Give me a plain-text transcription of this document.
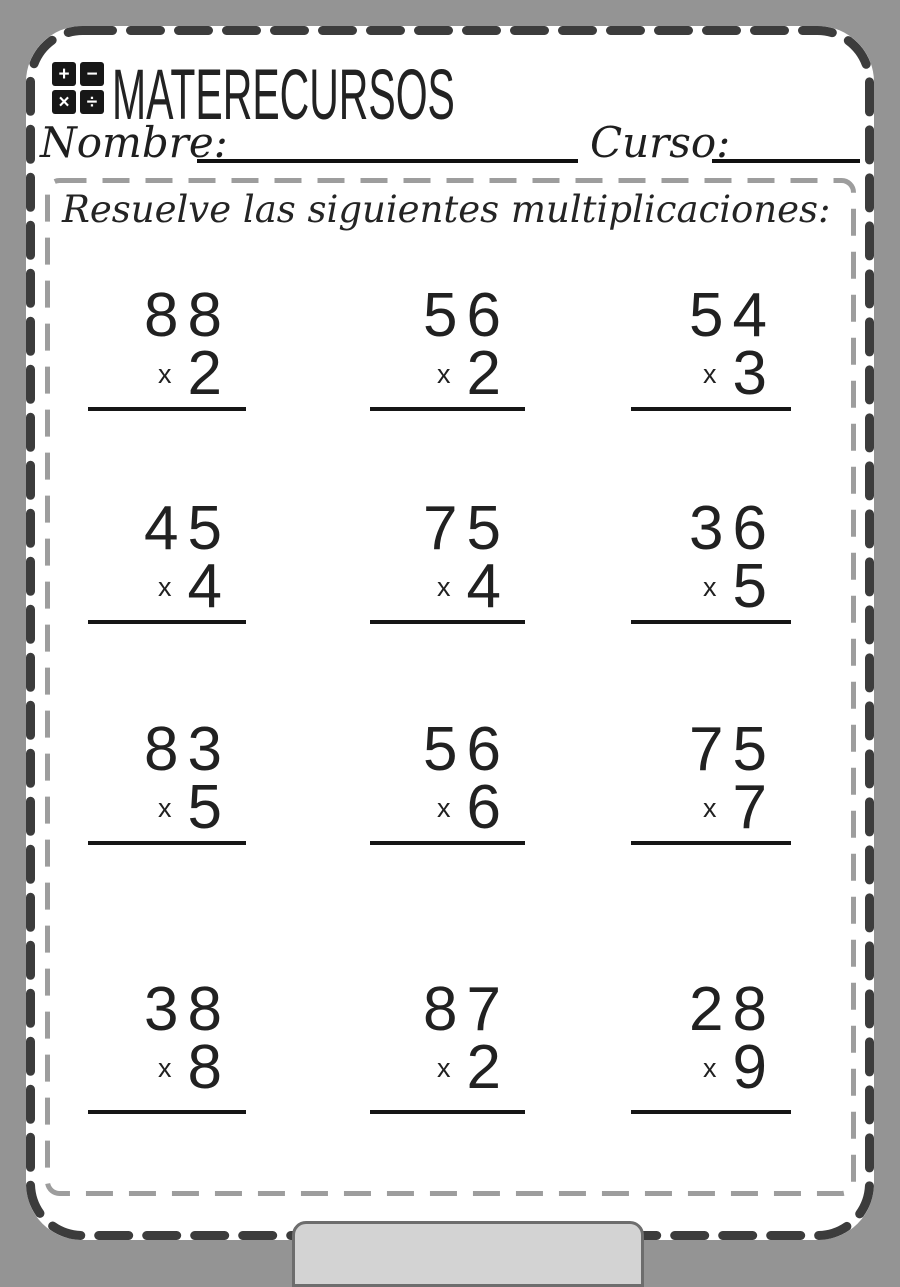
+ −
× ÷ MATERECURSOS
Nombre:	Curso:
Resuelve las siguientes multiplicaciones:
88
x 2
56
x 2
54
x 3
45
x 4
75
x 4
36
x 5
83
x 5
56
x 6
75
x 7
38
x 8
87
x 2
28
x 9
